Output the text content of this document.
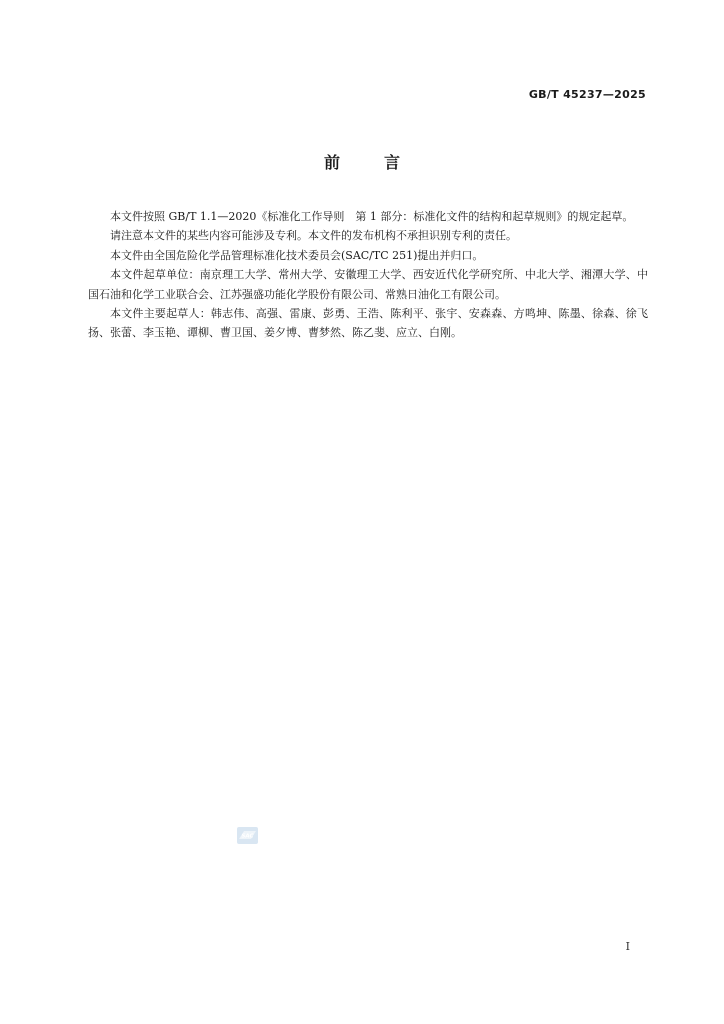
GB/T 45237—2025
前言

本文件按照 GB/T 1.1—2020《标准化工作导则　第 1 部分：标准化文件的结构和起草规则》的规定起草。

请注意本文件的某些内容可能涉及专利。本文件的发布机构不承担识别专利的责任。

本文件由全国危险化学品管理标准化技术委员会(SAC/TC 251)提出并归口。

本文件起草单位：南京理工大学、常州大学、安徽理工大学、西安近代化学研究所、中北大学、湘潭大学、中国石油和化学工业联合会、江苏强盛功能化学股份有限公司、常熟日油化工有限公司。

本文件主要起草人：韩志伟、高强、雷康、彭勇、王浩、陈利平、张宇、安森森、方鸣坤、陈墨、徐森、徐飞扬、张蕾、李玉艳、谭柳、曹卫国、姜夕博、曹梦然、陈乙斐、应立、白刚。

SAC
I
